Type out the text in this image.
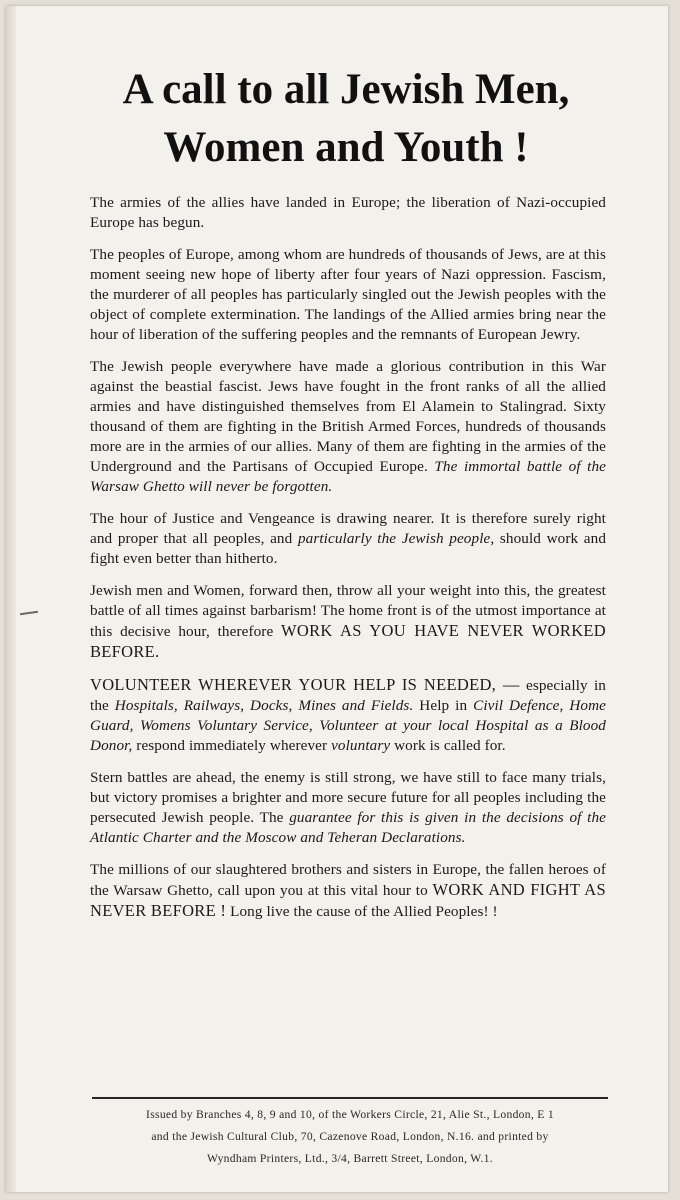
A call to all Jewish Men,
Women and Youth !

The armies of the allies have landed in Europe; the liberation of Nazi-occupied Europe has begun.

The peoples of Europe, among whom are hundreds of thousands of Jews, are at this moment seeing new hope of liberty after four years of Nazi oppression. Fascism, the murderer of all peoples has particularly singled out the Jewish peoples with the object of complete extermination. The landings of the Allied armies bring near the hour of liberation of the suffering peoples and the remnants of European Jewry.

The Jewish people everywhere have made a glorious contribution in this War against the beastial fascist. Jews have fought in the front ranks of all the allied armies and have distinguished themselves from El Alamein to Stalingrad. Sixty thousand of them are fighting in the British Armed Forces, hundreds of thousands more are in the armies of our allies. Many of them are fighting in the armies of the Underground and the Partisans of Occupied Europe. The immortal battle of the Warsaw Ghetto will never be forgotten.

The hour of Justice and Vengeance is drawing nearer. It is therefore surely right and proper that all peoples, and particularly the Jewish people, should work and fight even better than hitherto.

Jewish men and Women, forward then, throw all your weight into this, the greatest battle of all times against barbarism! The home front is of the utmost importance at this decisive hour, therefore WORK AS YOU HAVE NEVER WORKED BEFORE.

VOLUNTEER WHEREVER YOUR HELP IS NEEDED, — especially in the Hospitals, Railways, Docks, Mines and Fields. Help in Civil Defence, Home Guard, Womens Voluntary Service, Volunteer at your local Hospital as a Blood Donor, respond immediately wherever voluntary work is called for.

Stern battles are ahead, the enemy is still strong, we have still to face many trials, but victory promises a brighter and more secure future for all peoples including the persecuted Jewish people. The guarantee for this is given in the decisions of the Atlantic Charter and the Moscow and Teheran Declarations.

The millions of our slaughtered brothers and sisters in Europe, the fallen heroes of the Warsaw Ghetto, call upon you at this vital hour to WORK AND FIGHT AS NEVER BEFORE ! Long live the cause of the Allied Peoples! !

Issued by Branches 4, 8, 9 and 10, of the Workers Circle, 21, Alie St., London, E 1
and the Jewish Cultural Club, 70, Cazenove Road, London, N.16. and printed by
Wyndham Printers, Ltd., 3/4, Barrett Street, London, W.1.
